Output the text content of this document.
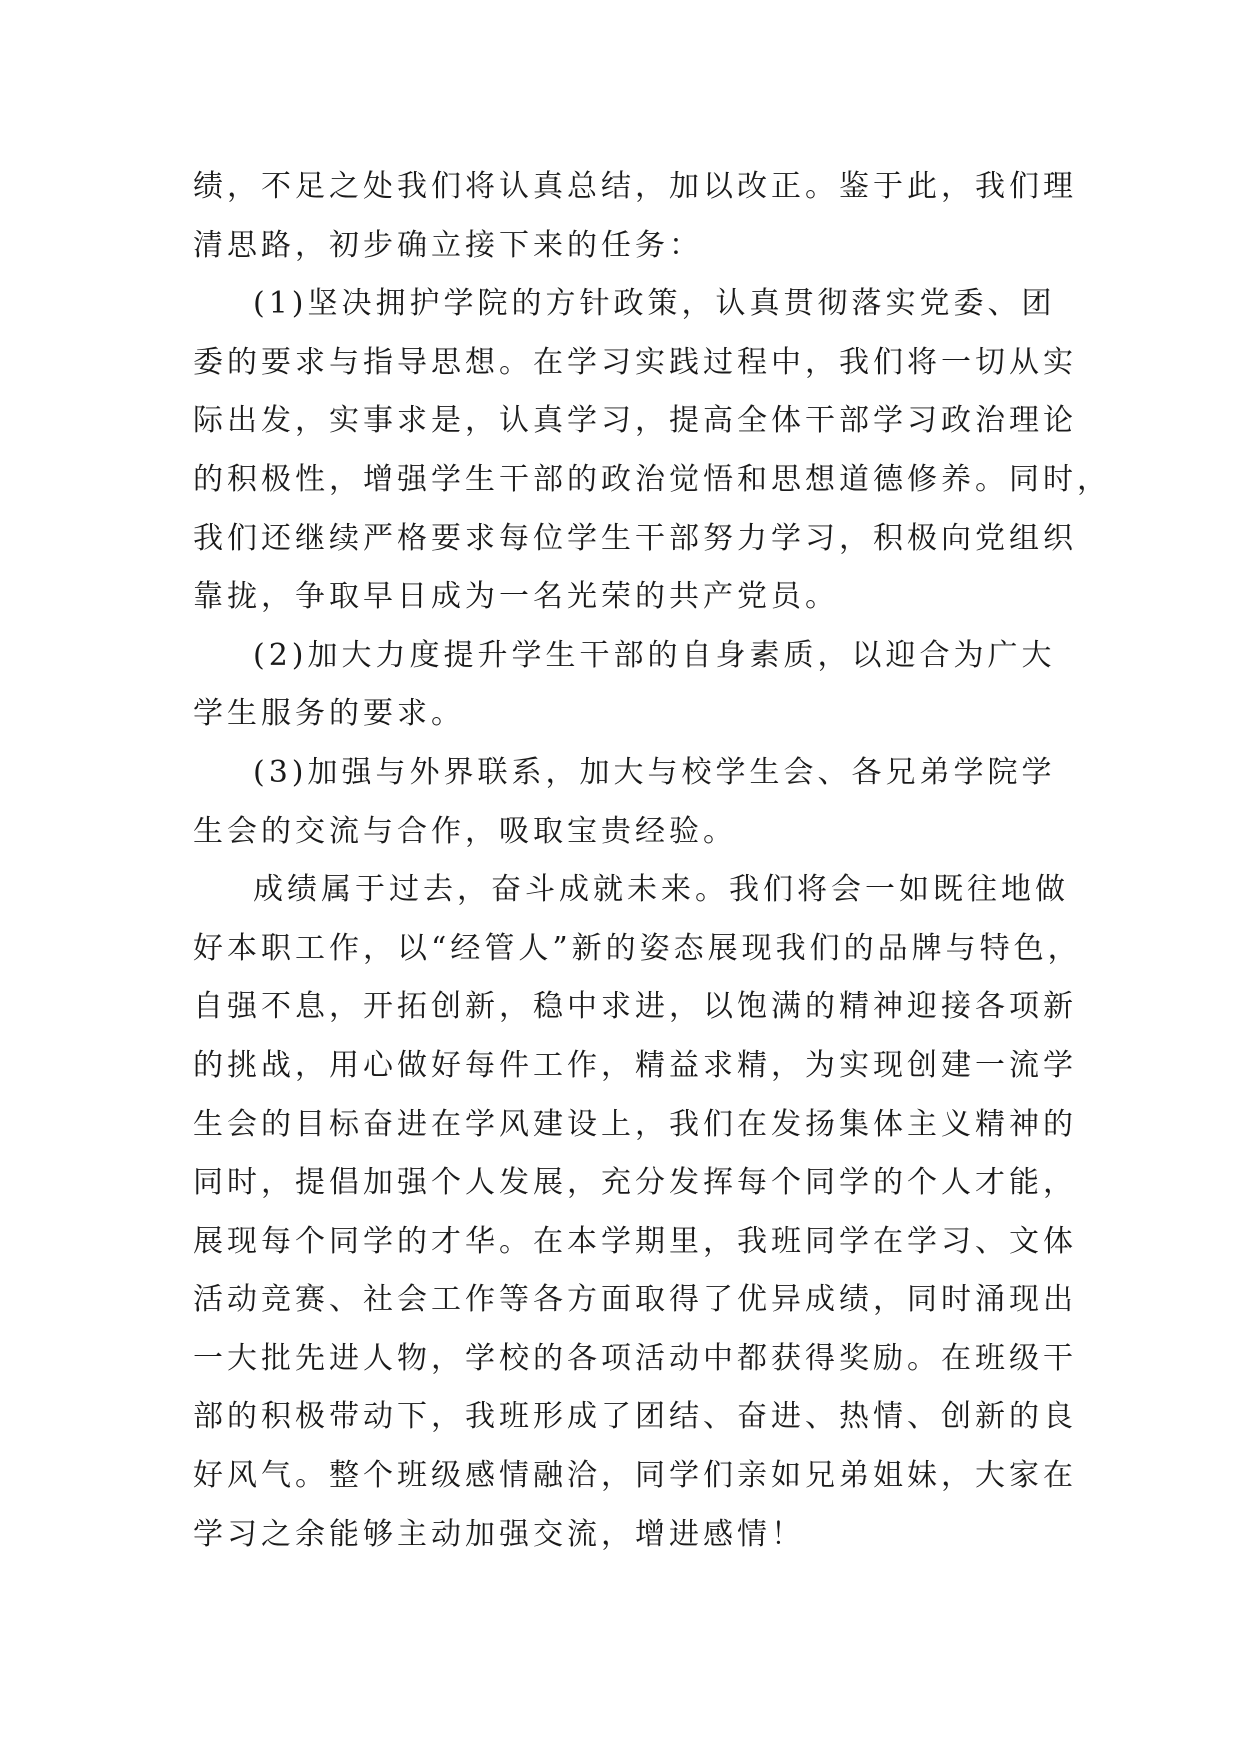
绩，不足之处我们将认真总结，加以改正。鉴于此，我们理
清思路，初步确立接下来的任务：
(1)坚决拥护学院的方针政策，认真贯彻落实党委、团
委的要求与指导思想。在学习实践过程中，我们将一切从实
际出发，实事求是，认真学习，提高全体干部学习政治理论
的积极性，增强学生干部的政治觉悟和思想道德修养。同时，
我们还继续严格要求每位学生干部努力学习，积极向党组织
靠拢，争取早日成为一名光荣的共产党员。
(2)加大力度提升学生干部的自身素质，以迎合为广大
学生服务的要求。
(3)加强与外界联系，加大与校学生会、各兄弟学院学
生会的交流与合作，吸取宝贵经验。
成绩属于过去，奋斗成就未来。我们将会一如既往地做
好本职工作，以“经管人”新的姿态展现我们的品牌与特色，
自强不息，开拓创新，稳中求进，以饱满的精神迎接各项新
的挑战，用心做好每件工作，精益求精，为实现创建一流学
生会的目标奋进在学风建设上，我们在发扬集体主义精神的
同时，提倡加强个人发展，充分发挥每个同学的个人才能，
展现每个同学的才华。在本学期里，我班同学在学习、文体
活动竞赛、社会工作等各方面取得了优异成绩，同时涌现出
一大批先进人物，学校的各项活动中都获得奖励。在班级干
部的积极带动下，我班形成了团结、奋进、热情、创新的良
好风气。整个班级感情融洽，同学们亲如兄弟姐妹，大家在
学习之余能够主动加强交流，增进感情！
